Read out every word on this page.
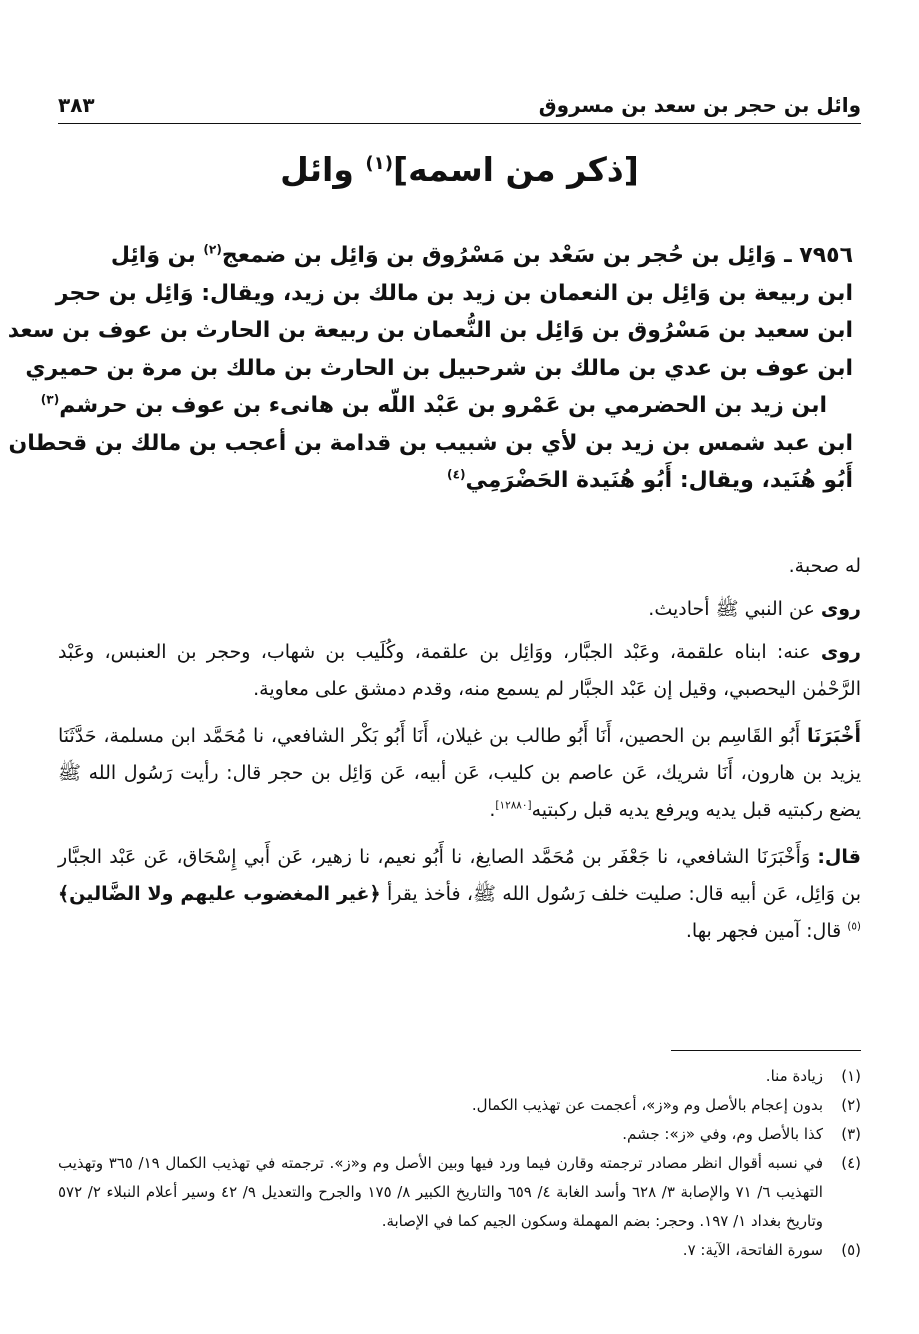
وائل بن حجر بن سعد بن مسروق
٣٨٣
[ذكر من اسمه]$^{(١)}$ وائل
٧٩٥٦ ـ وَائِل بن حُجر بن سَعْد بن مَسْرُوق بن وَائِل بن ضمعج$^{(٢)}$ بن وَائِل
ابن ربيعة بن وَائِل بن النعمان بن زيد بن مالك بن زيد، ويقال: وَائِل بن حجر
ابن سعيد بن مَسْرُوق بن وَائِل بن النُّعمان بن ربيعة بن الحارث بن عوف بن سعد
ابن عوف بن عدي بن مالك بن شرحبيل بن الحارث بن مالك بن مرة بن حميري
ابن زيد بن الحضرمي بن عَمْرو بن عَبْد اللّه بن هانىء بن عوف بن حرشم$^{(٣)}$
ابن عبد شمس بن زيد بن لأي بن شبيب بن قدامة بن أعجب بن مالك بن قحطان
أَبُو هُنَيد، ويقال: أَبُو هُنَيدة الحَضْرَمِي$^{(٤)}$

له صحبة.

روى عن النبي ﷺ أحاديث.

روى عنه: ابناه علقمة، وعَبْد الجبَّار، ووَائِل بن علقمة، وكُلَيب بن شهاب، وحجر بن العنبس، وعَبْد الرَّحْمٰن اليحصبي، وقيل إن عَبْد الجبَّار لم يسمع منه، وقدم دمشق على معاوية.

أَخْبَرَنَا أَبُو القَاسِم بن الحصين، أَنَا أَبُو طالب بن غيلان، أَنَا أَبُو بَكْر الشافعي، نا مُحَمَّد ابن مسلمة، حَدَّثَنَا يزيد بن هارون، أَنَا شريك، عَن عاصم بن كليب، عَن أبيه، عَن وَائِل بن حجر قال: رأيت رَسُول الله ﷺ يضع ركبتيه قبل يديه ويرفع يديه قبل ركبتيه[١٢٨٨٠].

قال: وَأَخْبَرَنَا الشافعي، نا جَعْفَر بن مُحَمَّد الصايغ، نا أَبُو نعيم، نا زهير، عَن أَبي إِسْحَاق، عَن عَبْد الجبَّار بن وَائِل، عَن أبيه قال: صليت خلف رَسُول الله ﷺ، فأخذ يقرأ ﴿غير المغضوب عليهم ولا الضَّالين﴾$^{(٥)}$ قال: آمين فجهر بها.

(١)
زيادة منا.
(٢)
بدون إعجام بالأصل وم و«ز»، أعجمت عن تهذيب الكمال.
(٣)
كذا بالأصل وم، وفي «ز»: جشم.
(٤)
في نسبه أقوال انظر مصادر ترجمته وقارن فيما ورد فيها وبين الأصل وم و«ز». ترجمته في تهذيب الكمال ١٩/ ٣٦٥ وتهذيب التهذيب ٦/ ٧١ والإصابة ٣/ ٦٢٨ وأسد الغابة ٤/ ٦٥٩ والتاريخ الكبير ٨/ ١٧٥ والجرح والتعديل ٩/ ٤٢ وسير أعلام النبلاء ٢/ ٥٧٢ وتاريخ بغداد ١/ ١٩٧. وحجر: بضم المهملة وسكون الجيم كما في الإصابة.
(٥)
سورة الفاتحة، الآية: ٧.
